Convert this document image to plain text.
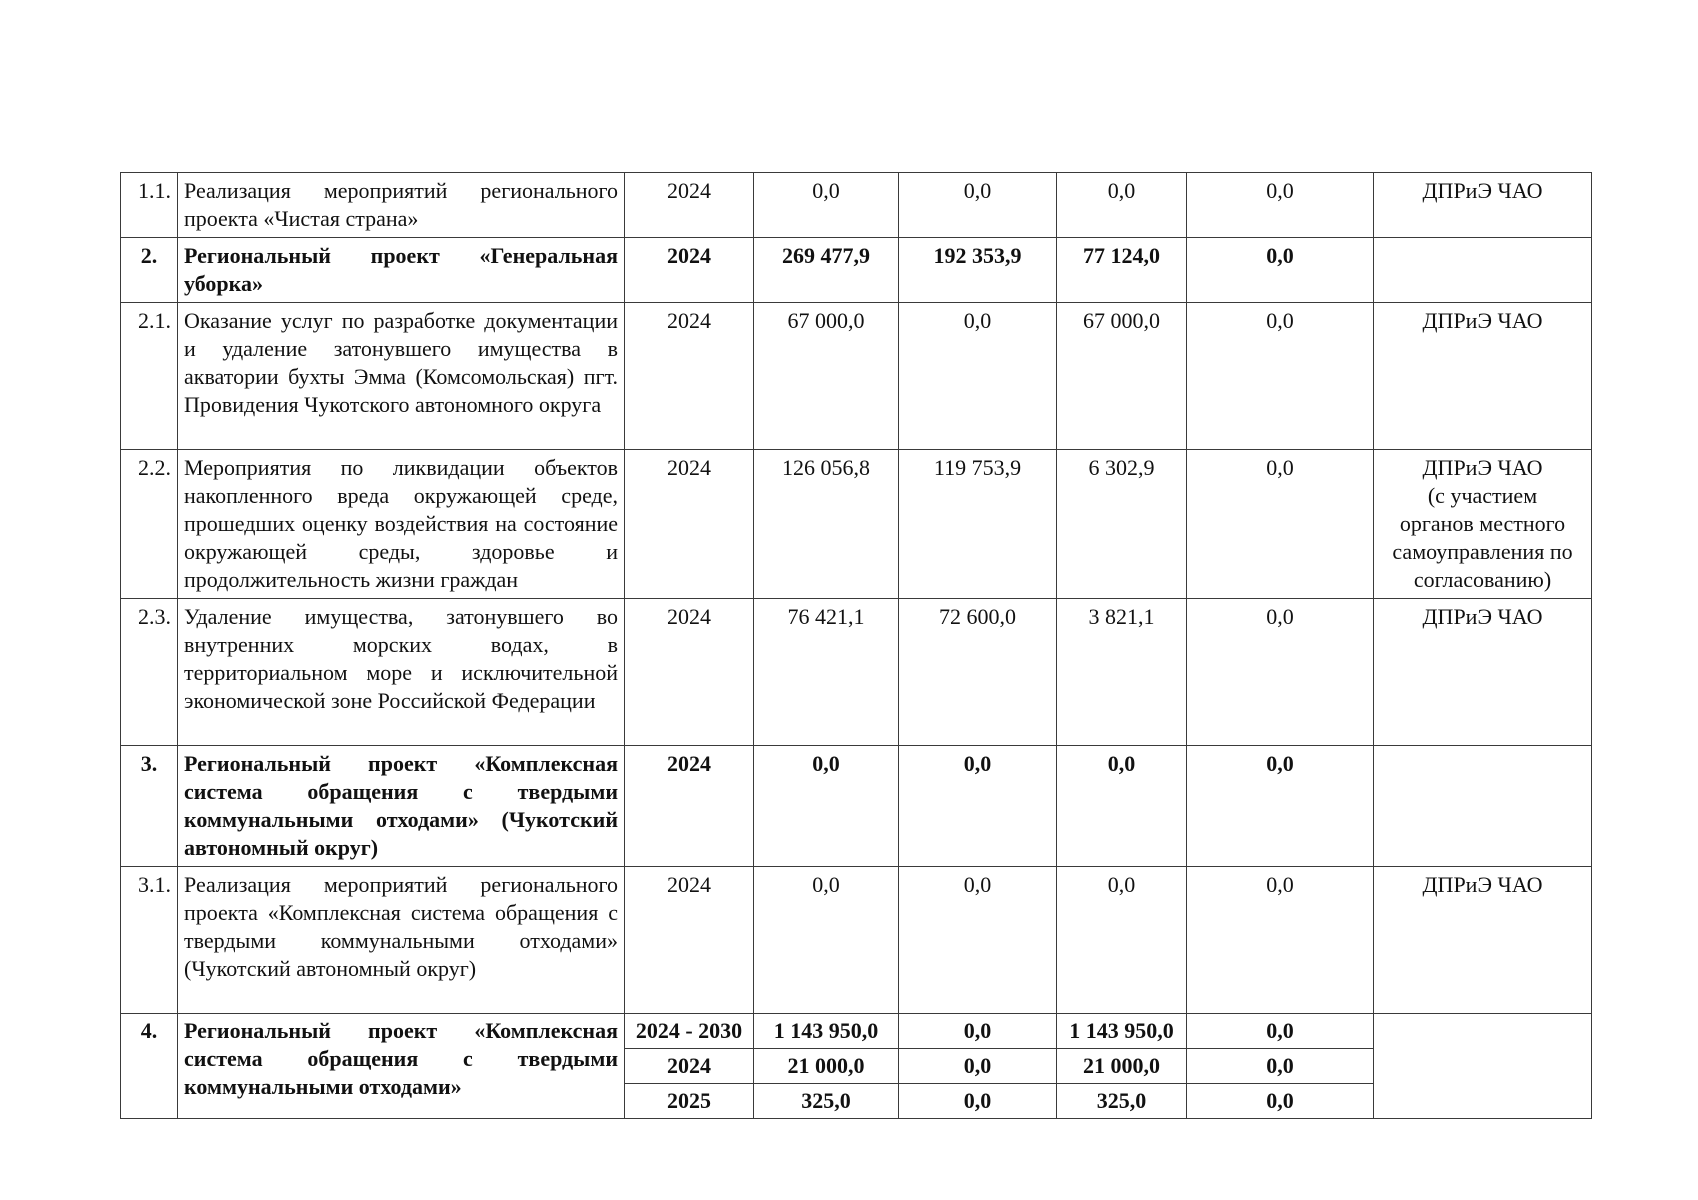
1.1.	Реализация мероприятий регионального проекта «Чистая страна»	2024	0,0	0,0	0,0	0,0	ДПРиЭ ЧАО

2.	Региональный проект «Генеральная уборка»	2024	269 477,9	192 353,9	77 124,0	0,0	
2.1.	Оказание услуг по разработке документации и удаление затонувшего имущества в акватории бухты Эмма (Комсомольская) пгт. Провидения Чукотского автономного округа	2024	67 000,0	0,0	67 000,0	0,0	ДПРиЭ ЧАО

2.2.	Мероприятия по ликвидации объектов накопленного вреда окружающей среде, прошедших оценку воздействия на состояние окружающей среды, здоровье и продолжительность жизни граждан	2024	126 056,8	119 753,9	6 302,9	0,0	ДПРиЭ ЧАО
(с участием
органов местного
самоуправления по
согласованию)

2.3.	Удаление имущества, затонувшего во внутренних морских водах, в территориальном море и исключительной экономической зоне Российской Федерации	2024	76 421,1	72 600,0	3 821,1	0,0	ДПРиЭ ЧАО

3.	Региональный проект «Комплексная система обращения с твердыми коммунальными отходами» (Чукотский автономный округ)	2024	0,0	0,0	0,0	0,0	
3.1.	Реализация мероприятий регионального проекта «Комплексная система обращения с твердыми коммунальными отходами» (Чукотский автономный округ)	2024	0,0	0,0	0,0	0,0	ДПРиЭ ЧАО

4.	Региональный проект «Комплексная система обращения с твердыми коммунальными отходами»	2024 - 2030	1 143 950,0	0,0	1 143 950,0	0,0	
		2024	21 000,0	0,0	21 000,0	0,0	
		2025	325,0	0,0	325,0	0,0	
